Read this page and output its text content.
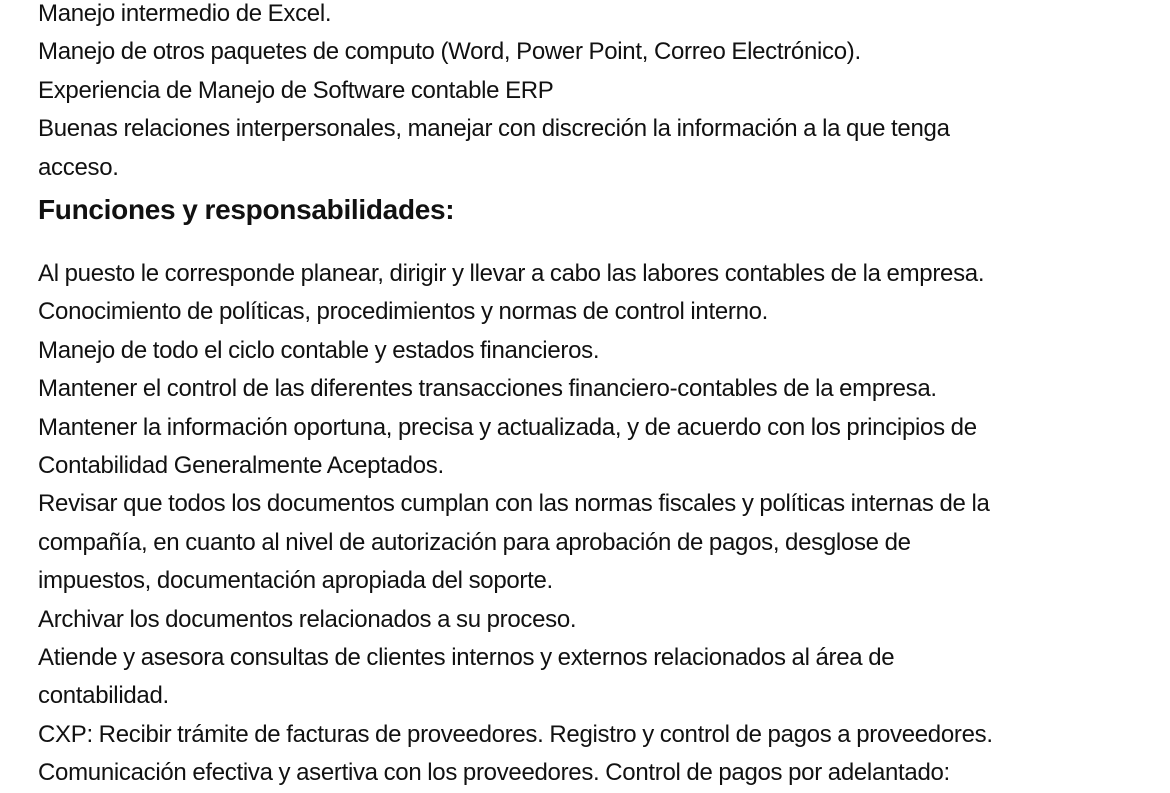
Manejo intermedio de Excel.

Manejo de otros paquetes de computo (Word, Power Point, Correo Electrónico).

Experiencia de Manejo de Software contable ERP

Buenas relaciones interpersonales, manejar con discreción la información a la que tenga

acceso.

Funciones y responsabilidades:

Al puesto le corresponde planear, dirigir y llevar a cabo las labores contables de la empresa.

Conocimiento de políticas, procedimientos y normas de control interno.

Manejo de todo el ciclo contable y estados financieros.

Mantener el control de las diferentes transacciones financiero-contables de la empresa.

Mantener la información oportuna, precisa y actualizada, y de acuerdo con los principios de

Contabilidad Generalmente Aceptados.

Revisar que todos los documentos cumplan con las normas fiscales y políticas internas de la

compañía, en cuanto al nivel de autorización para aprobación de pagos, desglose de

impuestos, documentación apropiada del soporte.

Archivar los documentos relacionados a su proceso.

Atiende y asesora consultas de clientes internos y externos relacionados al área de

contabilidad.

CXP: Recibir trámite de facturas de proveedores. Registro y control de pagos a proveedores.

Comunicación efectiva y asertiva con los proveedores. Control de pagos por adelantado:
